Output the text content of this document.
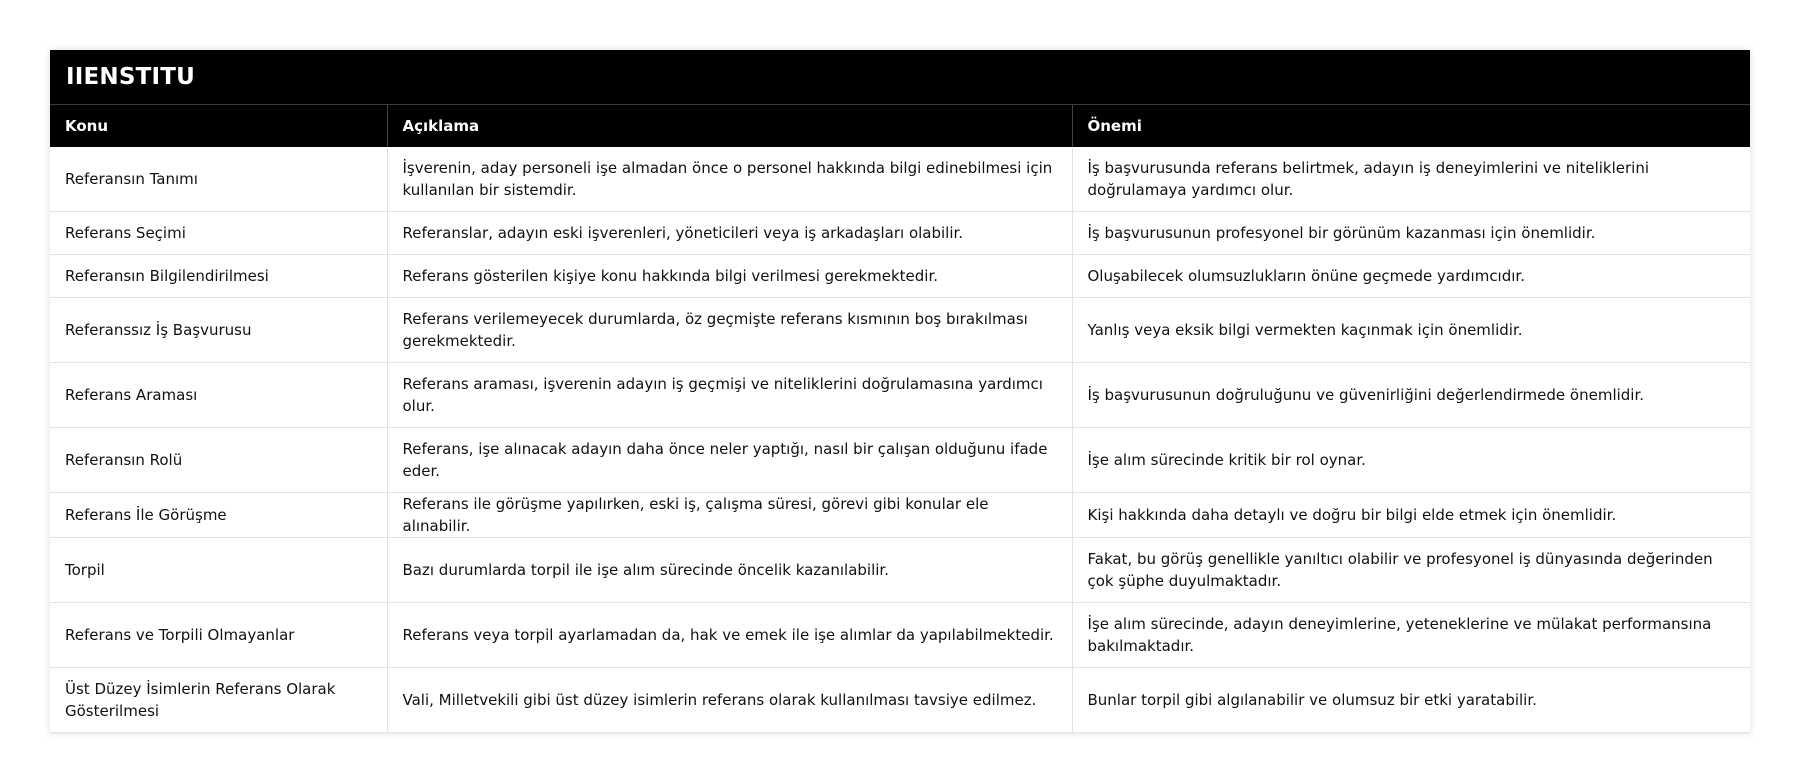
IIENSTITU
Konu	Açıklama	Önemi
Referansın Tanımı	İşverenin, aday personeli işe almadan önce o personel hakkında bilgi edinebilmesi için kullanılan bir sistemdir.	İş başvurusunda referans belirtmek, adayın iş deneyimlerini ve niteliklerini doğrulamaya yardımcı olur.
Referans Seçimi	Referanslar, adayın eski işverenleri, yöneticileri veya iş arkadaşları olabilir.	İş başvurusunun profesyonel bir görünüm kazanması için önemlidir.
Referansın Bilgilendirilmesi	Referans gösterilen kişiye konu hakkında bilgi verilmesi gerekmektedir.	Oluşabilecek olumsuzlukların önüne geçmede yardımcıdır.
Referanssız İş Başvurusu	Referans verilemeyecek durumlarda, öz geçmişte referans kısmının boş bırakılması gerekmektedir.	Yanlış veya eksik bilgi vermekten kaçınmak için önemlidir.
Referans Araması	Referans araması, işverenin adayın iş geçmişi ve niteliklerini doğrulamasına yardımcı olur.	İş başvurusunun doğruluğunu ve güvenirliğini değerlendirmede önemlidir.
Referansın Rolü	Referans, işe alınacak adayın daha önce neler yaptığı, nasıl bir çalışan olduğunu ifade eder.	İşe alım sürecinde kritik bir rol oynar.
Referans İle Görüşme	Referans ile görüşme yapılırken, eski iş, çalışma süresi, görevi gibi konular ele alınabilir.	Kişi hakkında daha detaylı ve doğru bir bilgi elde etmek için önemlidir.
Torpil	Bazı durumlarda torpil ile işe alım sürecinde öncelik kazanılabilir.	Fakat, bu görüş genellikle yanıltıcı olabilir ve profesyonel iş dünyasında değerinden çok şüphe duyulmaktadır.
Referans ve Torpili Olmayanlar	Referans veya torpil ayarlamadan da, hak ve emek ile işe alımlar da yapılabilmektedir.	İşe alım sürecinde, adayın deneyimlerine, yeteneklerine ve mülakat performansına bakılmaktadır.
Üst Düzey İsimlerin Referans Olarak Gösterilmesi	Vali, Milletvekili gibi üst düzey isimlerin referans olarak kullanılması tavsiye edilmez.	Bunlar torpil gibi algılanabilir ve olumsuz bir etki yaratabilir.
